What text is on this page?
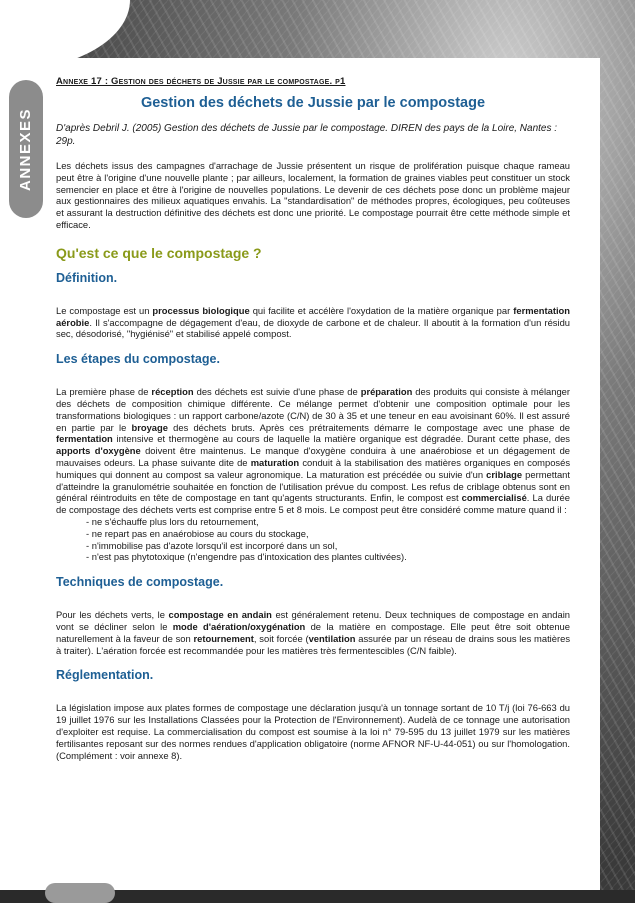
ANNEXES
Annexe 17 : Gestion des déchets de Jussie par le compostage. p1
Gestion des déchets de Jussie par le compostage
D'après Debril J. (2005) Gestion des déchets de Jussie par le compostage. DIREN des pays de la Loire, Nantes : 29p.

Les déchets issus des campagnes d'arrachage de Jussie présentent un risque de prolifération puisque chaque rameau peut être à l'origine d'une nouvelle plante ; par ailleurs, localement, la formation de graines viables peut constituer un stock semencier en place et être à l'origine de nouvelles populations. Le devenir de ces déchets pose donc un problème majeur aux gestionnaires des milieux aquatiques envahis. La "standardisation" de méthodes propres, écologiques, peu coûteuses et assurant la destruction définitive des déchets est donc une priorité. Le compostage pourrait être cette méthode simple et efficace.

Qu'est ce que le compostage ?
Définition.

Le compostage est un processus biologique qui facilite et accélère l'oxydation de la matière organique par fermentation aérobie. Il s'accompagne de dégagement d'eau, de dioxyde de carbone et de chaleur. Il aboutit à la formation d'un résidu sec, désodorisé, "hygiénisé" et stabilisé appelé compost.

Les étapes du compostage.

La première phase de réception des déchets est suivie d'une phase de préparation des produits qui consiste à mélanger des déchets de composition chimique différente. Ce mélange permet d'obtenir une composition optimale pour les transformations biologiques : un rapport carbone/azote (C/N) de 30 à 35 et une teneur en eau avoisinant 60%. Il est assuré en partie par le broyage des déchets bruts. Après ces prétraitements démarre le compostage avec une phase de fermentation intensive et thermogène au cours de laquelle la matière organique est dégradée. Durant cette phase, des apports d'oxygène doivent être maintenus. Le manque d'oxygène conduira à une anaérobiose et un dégagement de mauvaises odeurs. La phase suivante dite de maturation conduit à la stabilisation des matières organiques en composés humiques qui donnent au compost sa valeur agronomique. La maturation est précédée ou suivie d'un criblage permettant d'atteindre la granulométrie souhaitée en fonction de l'utilisation prévue du compost. Les refus de criblage obtenus sont en général réintroduits en tête de compostage en tant qu'agents structurants. Enfin, le compost est commercialisé. La durée de compostage des déchets verts est comprise entre 5 et 8 mois. Le compost peut être considéré comme mature quand il :

- ne s'échauffe plus lors du retournement,
- ne repart pas en anaérobiose au cours du stockage,
- n'immobilise pas d'azote lorsqu'il est incorporé dans un sol,
- n'est pas phytotoxique (n'engendre pas d'intoxication des plantes cultivées).
Techniques de compostage.

Pour les déchets verts, le compostage en andain est généralement retenu. Deux techniques de compostage en andain vont se décliner selon le mode d'aération/oxygénation de la matière en compostage. Elle peut être soit obtenue naturellement à la faveur de son retournement, soit forcée (ventilation assurée par un réseau de drains sous les matières à traiter). L'aération forcée est recommandée pour les matières très fermentescibles (C/N faible).

Réglementation.

La législation impose aux plates formes de compostage une déclaration jusqu'à un tonnage sortant de 10 T/j (loi 76-663 du 19 juillet 1976 sur les Installations Classées pour la Protection de l'Environnement). Audelà de ce tonnage une autorisation d'exploiter est requise. La commercialisation du compost est soumise à la loi n° 79-595 du 13 juillet 1979 sur les matières fertilisantes reposant sur des normes rendues d'application obligatoire (norme AFNOR NF-U-44-051) ou sur l'homologation. (Complément : voir annexe 8).
